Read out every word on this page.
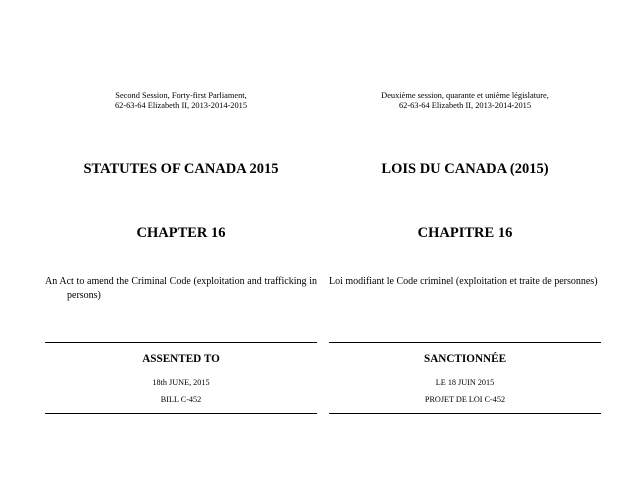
Second Session, Forty-first Parliament,
62-63-64 Elizabeth II, 2013-2014-2015
STATUTES OF CANADA 2015
CHAPTER 16
An Act to amend the Criminal Code (exploitation and trafficking in persons)
ASSENTED TO
18th JUNE, 2015
BILL C-452
Deuxième session, quarante et unième législature,
62-63-64 Elizabeth II, 2013-2014-2015
LOIS DU CANADA (2015)
CHAPITRE 16
Loi modifiant le Code criminel (exploitation et traite de personnes)
SANCTIONNÉE
LE 18 JUIN 2015
PROJET DE LOI C-452
